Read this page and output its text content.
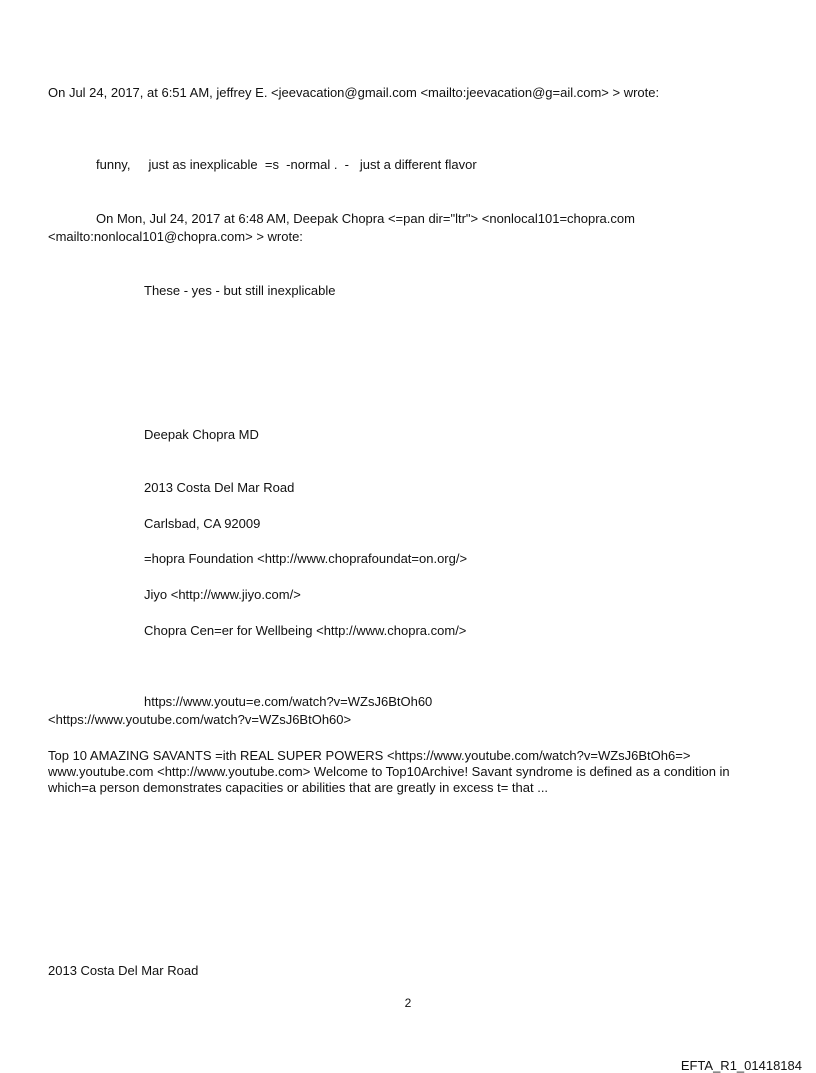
On Jul 24, 2017, at 6:51 AM, jeffrey E. <jeevacation@gmail.com <mailto:jeevacation@g=ail.com> > wrote:
funny,     just as inexplicable  =s  -normal .  -   just a different flavor
On Mon, Jul 24, 2017 at 6:48 AM, Deepak Chopra <=pan dir="ltr"> <nonlocal101=chopra.com
<mailto:nonlocal101@chopra.com> > wrote:
These - yes - but still inexplicable
Deepak Chopra MD
2013 Costa Del Mar Road
Carlsbad, CA 92009
=hopra Foundation <http://www.choprafoundat=on.org/>
Jiyo <http://www.jiyo.com/>
Chopra Cen=er for Wellbeing <http://www.chopra.com/>
https://www.youtu=e.com/watch?v=WZsJ6BtOh60
<https://www.youtube.com/watch?v=WZsJ6BtOh60>
Top 10 AMAZING SAVANTS =ith REAL SUPER POWERS <https://www.youtube.com/watch?v=WZsJ6BtOh6=> www.youtube.com <http://www.youtube.com> Welcome to Top10Archive! Savant syndrome is defined as a condition in which=a person demonstrates capacities or abilities that are greatly in excess t= that ...
2013 Costa Del Mar Road
2
EFTA_R1_01418184
